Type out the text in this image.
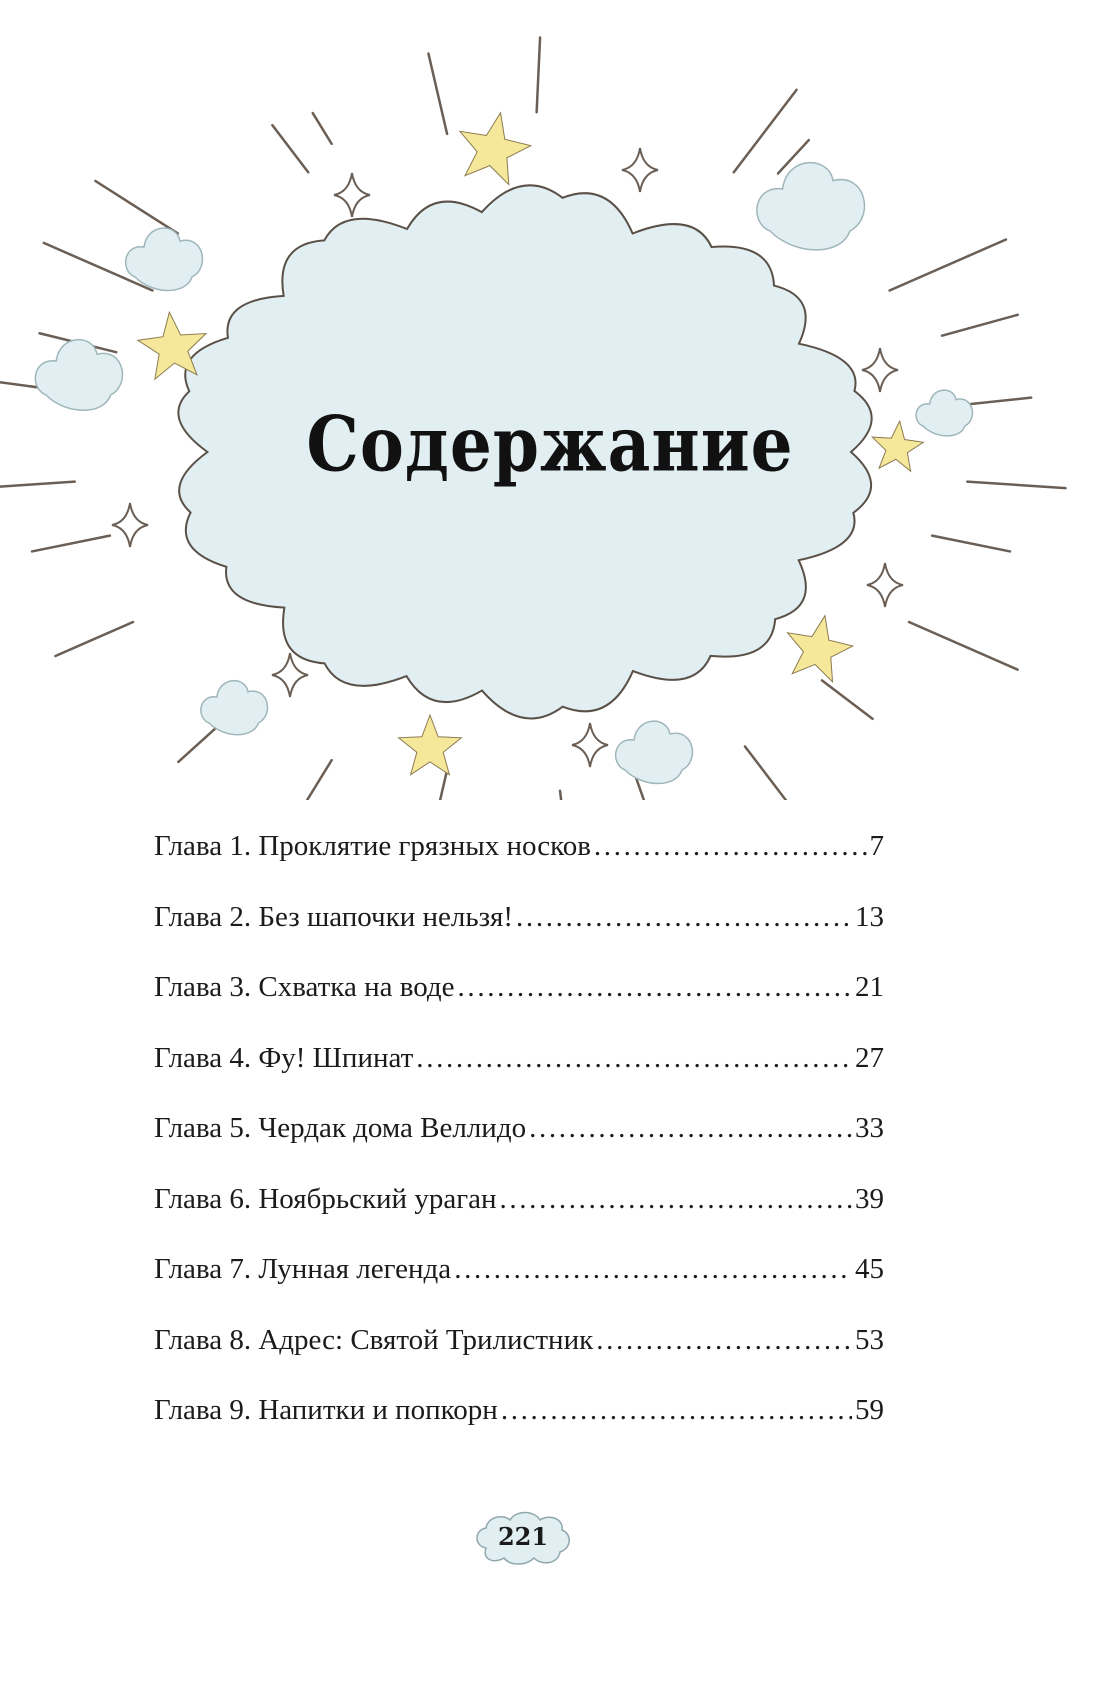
Содержание
Глава 1. Проклятие грязных носков . . .	7
Глава 2. Без шапочки нельзя! . . .	13
Глава 3. Схватка на воде . . .	21
Глава 4. Фу! Шпинат . . .	27
Глава 5. Чердак дома Веллидо . . .	33
Глава 6. Ноябрьский ураган . . .	39
Глава 7. Лунная легенда . . .	45
Глава 8. Адрес: Святой Трилистник . . .	53
Глава 9. Напитки и попкорн . . .	59
221
